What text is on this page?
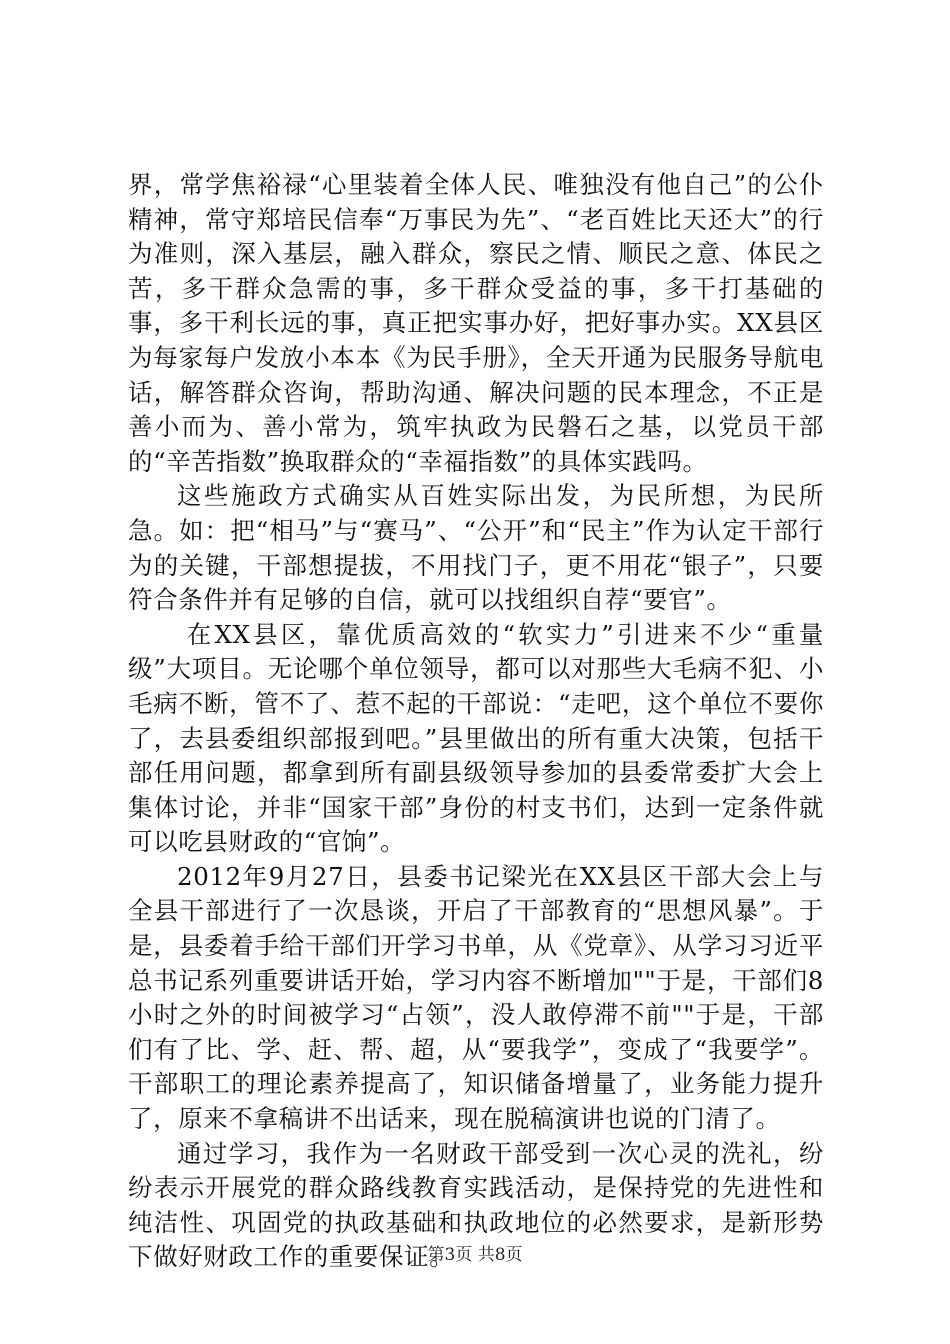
界，常学焦裕禄“心里装着全体人民、唯独没有他自己”的公仆精神，常守郑培民信奉“万事民为先”、“老百姓比天还大”的行为准则，深入基层，融入群众，察民之情、顺民之意、体民之苦，多干群众急需的事，多干群众受益的事，多干打基础的事，多干利长远的事，真正把实事办好，把好事办实。XX县区为每家每户发放小本本《为民手册》，全天开通为民服务导航电话，解答群众咨询，帮助沟通、解决问题的民本理念，不正是善小而为、善小常为，筑牢执政为民磐石之基，以党员干部的“辛苦指数”换取群众的“幸福指数”的具体实践吗。

这些施政方式确实从百姓实际出发，为民所想，为民所急。如：把“相马”与“赛马”、“公开”和“民主”作为认定干部行为的关键，干部想提拔，不用找门子，更不用花“银子”，只要符合条件并有足够的自信，就可以找组织自荐“要官”。

在XX县区，靠优质高效的“软实力”引进来不少“重量级”大项目。无论哪个单位领导，都可以对那些大毛病不犯、小毛病不断，管不了、惹不起的干部说：“走吧，这个单位不要你了，去县委组织部报到吧。”县里做出的所有重大决策，包括干部任用问题，都拿到所有副县级领导参加的县委常委扩大会上集体讨论，并非“国家干部”身份的村支书们，达到一定条件就可以吃县财政的“官饷”。

2012年9月27日，县委书记梁光在XX县区干部大会上与全县干部进行了一次恳谈，开启了干部教育的“思想风暴”。于是，县委着手给干部们开学习书单，从《党章》、从学习习近平总书记系列重要讲话开始，学习内容不断增加""于是，干部们8小时之外的时间被学习“占领”，没人敢停滞不前""于是，干部们有了比、学、赶、帮、超，从“要我学”，变成了“我要学”。干部职工的理论素养提高了，知识储备增量了，业务能力提升了，原来不拿稿讲不出话来，现在脱稿演讲也说的门清了。

通过学习，我作为一名财政干部受到一次心灵的洗礼，纷纷表示开展党的群众路线教育实践活动，是保持党的先进性和纯洁性、巩固党的执政基础和执政地位的必然要求，是新形势下做好财政工作的重要保证。

第3页 共8页
